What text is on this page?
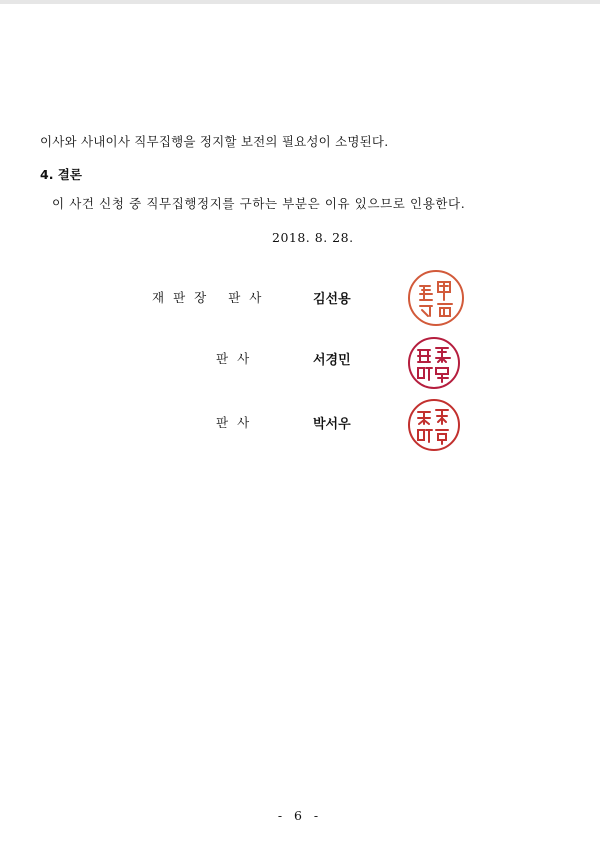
이사와 사내이사 직무집행을 정지할 보전의 필요성이 소명된다.
4. 결론
이 사건 신청 중 직무집행정지를 구하는 부분은 이유 있으므로 인용한다.
2018. 8. 28.
재판장 판사	김선용
판사	서경민
판사	박서우
- 6 -
